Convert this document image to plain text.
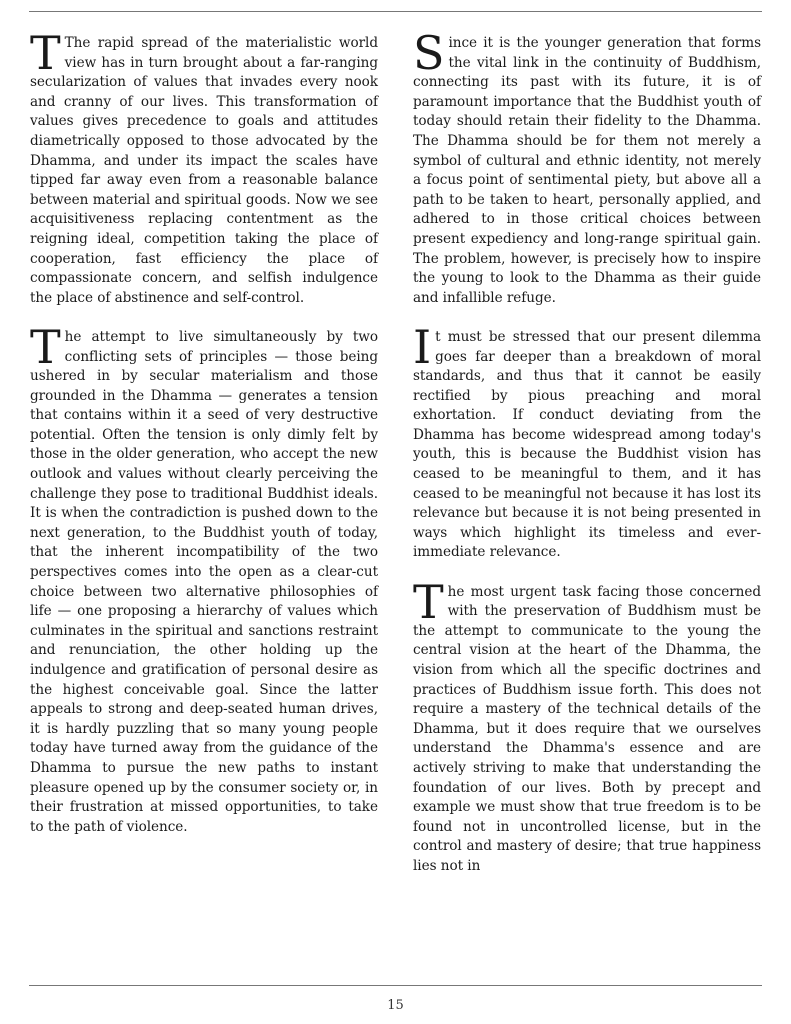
T The rapid spread of the materialistic world view has in turn brought about a far-ranging secularization of values that invades every nook and cranny of our lives. This transformation of values gives precedence to goals and attitudes diametrically opposed to those advocated by the Dhamma, and under its impact the scales have tipped far away even from a reasonable balance between material and spiritual goods. Now we see acquisitiveness replacing contentment as the reigning ideal, competition taking the place of cooperation, fast efficiency the place of compassionate concern, and selfish indulgence the place of abstinence and self-control.

T he attempt to live simultaneously by two conflicting sets of principles — those being ushered in by secular materialism and those grounded in the Dhamma — generates a tension that contains within it a seed of very destructive potential. Often the tension is only dimly felt by those in the older generation, who accept the new outlook and values without clearly perceiving the challenge they pose to traditional Buddhist ideals. It is when the contradiction is pushed down to the next generation, to the Buddhist youth of today, that the inherent incompatibility of the two perspectives comes into the open as a clear-cut choice between two alternative philosophies of life — one proposing a hierarchy of values which culminates in the spiritual and sanctions restraint and renunciation, the other holding up the indulgence and gratification of personal desire as the highest conceivable goal. Since the latter appeals to strong and deep-seated human drives, it is hardly puzzling that so many young people today have turned away from the guidance of the Dhamma to pursue the new paths to instant pleasure opened up by the consumer society or, in their frustration at missed opportunities, to take to the path of violence.

S ince it is the younger generation that forms the vital link in the continuity of Buddhism, connecting its past with its future, it is of paramount importance that the Buddhist youth of today should retain their fidelity to the Dhamma. The Dhamma should be for them not merely a symbol of cultural and ethnic identity, not merely a focus point of sentimental piety, but above all a path to be taken to heart, personally applied, and adhered to in those critical choices between present expediency and long-range spiritual gain. The problem, however, is precisely how to inspire the young to look to the Dhamma as their guide and infallible refuge.

I t must be stressed that our present dilemma goes far deeper than a breakdown of moral standards, and thus that it cannot be easily rectified by pious preaching and moral exhortation. If conduct deviating from the Dhamma has become widespread among today's youth, this is because the Buddhist vision has ceased to be meaningful to them, and it has ceased to be meaningful not because it has lost its relevance but because it is not being presented in ways which highlight its timeless and ever-immediate relevance.

T he most urgent task facing those concerned with the preservation of Buddhism must be the attempt to communicate to the young the central vision at the heart of the Dhamma, the vision from which all the specific doctrines and practices of Buddhism issue forth. This does not require a mastery of the technical details of the Dhamma, but it does require that we ourselves understand the Dhamma's essence and are actively striving to make that understanding the foundation of our lives. Both by precept and example we must show that true freedom is to be found not in uncontrolled license, but in the control and mastery of desire; that true happiness lies not in

15
